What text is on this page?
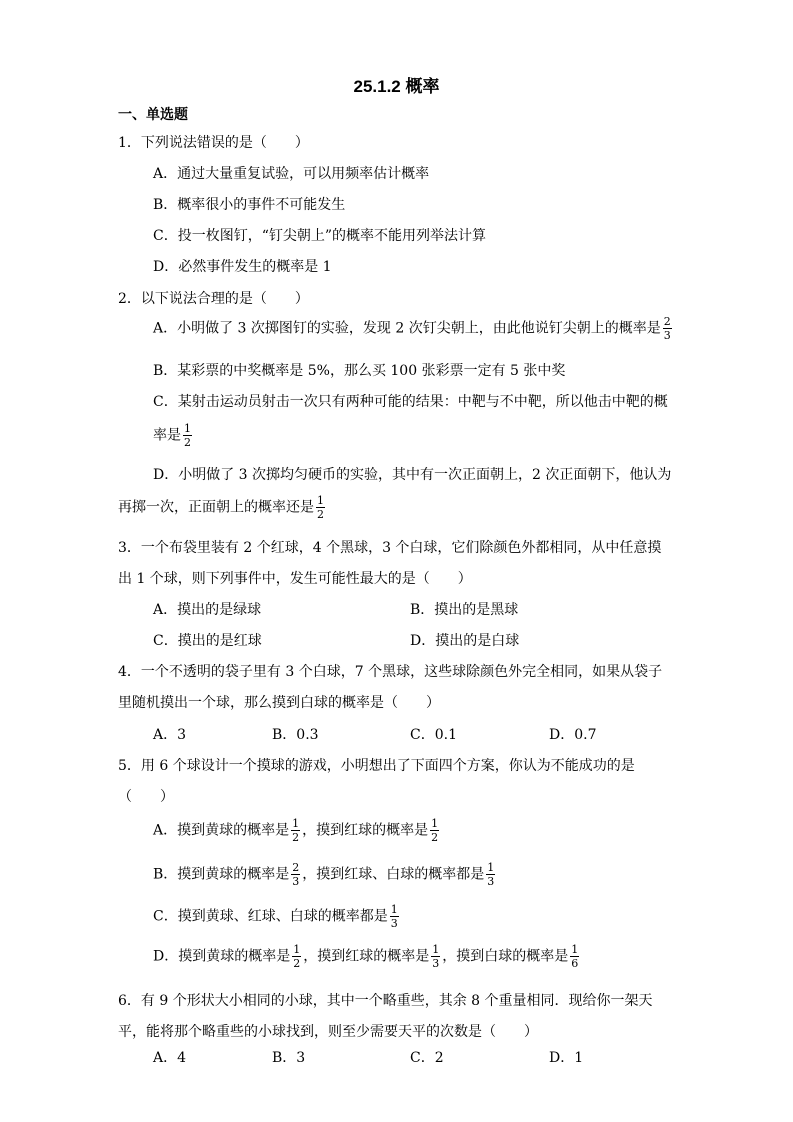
25.1.2 概率
一、单选题
1．下列说法错误的是（　　）
A．通过大量重复试验，可以用频率估计概率
B．概率很小的事件不可能发生
C．投一枚图钉，“钉尖朝上”的概率不能用列举法计算
D．必然事件发生的概率是 1
2．以下说法合理的是（　　）
A．小明做了 3 次掷图钉的实验，发现 2 次钉尖朝上，由此他说钉尖朝上的概率是 $\frac{2}{3}$
B．某彩票的中奖概率是 5%，那么买 100 张彩票一定有 5 张中奖
C．某射击运动员射击一次只有两种可能的结果：中靶与不中靶，所以他击中靶的概
率是 $\frac{1}{2}$
D．小明做了 3 次掷均匀硬币的实验，其中有一次正面朝上，2 次正面朝下，他认为
再掷一次，正面朝上的概率还是 $\frac{1}{2}$
3．一个布袋里装有 2 个红球，4 个黑球，3 个白球，它们除颜色外都相同，从中任意摸
出 1 个球，则下列事件中，发生可能性最大的是（　　）
A．摸出的是绿球	B．摸出的是黑球
C．摸出的是红球	D．摸出的是白球
4．一个不透明的袋子里有 3 个白球，7 个黑球，这些球除颜色外完全相同，如果从袋子
里随机摸出一个球，那么摸到白球的概率是（　　）
A．3	B．0.3	C．0.1	D．0.7
5．用 6 个球设计一个摸球的游戏，小明想出了下面四个方案，你认为不能成功的是
（　　）
A．摸到黄球的概率是 $\frac{1}{2}$ ，摸到红球的概率是 $\frac{1}{2}$
B．摸到黄球的概率是 $\frac{2}{3}$ ，摸到红球、白球的概率都是 $\frac{1}{3}$
C．摸到黄球、红球、白球的概率都是 $\frac{1}{3}$
D．摸到黄球的概率是 $\frac{1}{2}$ ，摸到红球的概率是 $\frac{1}{3}$ ，摸到白球的概率是 $\frac{1}{6}$
6．有 9 个形状大小相同的小球，其中一个略重些，其余 8 个重量相同．现给你一架天
平，能将那个略重些的小球找到，则至少需要天平的次数是（　　）
A．4	B．3	C．2	D．1
